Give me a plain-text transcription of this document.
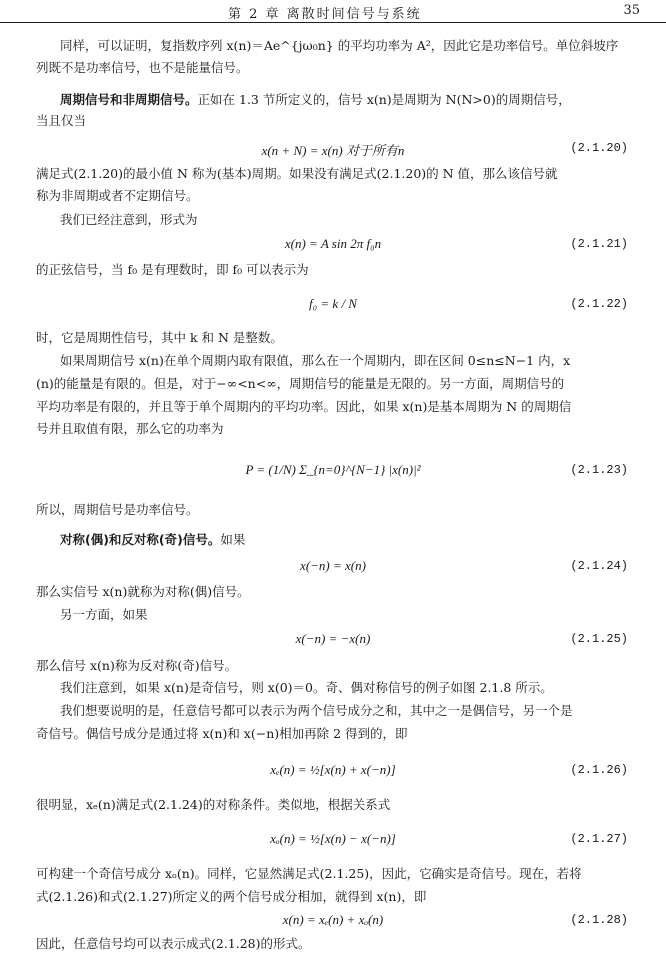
第 2 章 离散时间信号与系统	35
同样，可以证明，复指数序列 x(n)＝Ae^{jω₀n} 的平均功率为 A²，因此它是功率信号。单位斜坡序
列既不是功率信号，也不是能量信号。
周期信号和非周期信号。正如在 1.3 节所定义的，信号 x(n)是周期为 N(N>0)的周期信号，
当且仅当
x(n + N) = x(n) 对于所有n	(2.1.20)
满足式(2.1.20)的最小值 N 称为(基本)周期。如果没有满足式(2.1.20)的 N 值，那么该信号就
称为非周期或者不定期信号。
我们已经注意到，形式为
x(n) = A sin 2π f₀n	(2.1.21)
的正弦信号，当 f₀ 是有理数时，即 f₀ 可以表示为
f₀ = k / N	(2.1.22)
时，它是周期性信号，其中 k 和 N 是整数。
如果周期信号 x(n)在单个周期内取有限值，那么在一个周期内，即在区间 0≤n≤N−1 内，x
(n)的能量是有限的。但是，对于−∞<n<∞，周期信号的能量是无限的。另一方面，周期信号的
平均功率是有限的，并且等于单个周期内的平均功率。因此，如果 x(n)是基本周期为 N 的周期信
号并且取值有限，那么它的功率为
P = (1/N) Σ_{n=0}^{N−1} |x(n)|²	(2.1.23)
所以，周期信号是功率信号。
对称(偶)和反对称(奇)信号。如果
x(−n) = x(n)	(2.1.24)
那么实信号 x(n)就称为对称(偶)信号。
另一方面，如果
x(−n) = −x(n)	(2.1.25)
那么信号 x(n)称为反对称(奇)信号。
我们注意到，如果 x(n)是奇信号，则 x(0)＝0。奇、偶对称信号的例子如图 2.1.8 所示。
我们想要说明的是，任意信号都可以表示为两个信号成分之和，其中之一是偶信号，另一个是
奇信号。偶信号成分是通过将 x(n)和 x(−n)相加再除 2 得到的，即
xₑ(n) = ½[x(n) + x(−n)]	(2.1.26)
很明显，xₑ(n)满足式(2.1.24)的对称条件。类似地，根据关系式
xₒ(n) = ½[x(n) − x(−n)]	(2.1.27)
可构建一个奇信号成分 xₒ(n)。同样，它显然满足式(2.1.25)，因此，它确实是奇信号。现在，若将
式(2.1.26)和式(2.1.27)所定义的两个信号成分相加，就得到 x(n)，即
x(n) = xₑ(n) + xₒ(n)	(2.1.28)
因此，任意信号均可以表示成式(2.1.28)的形式。
